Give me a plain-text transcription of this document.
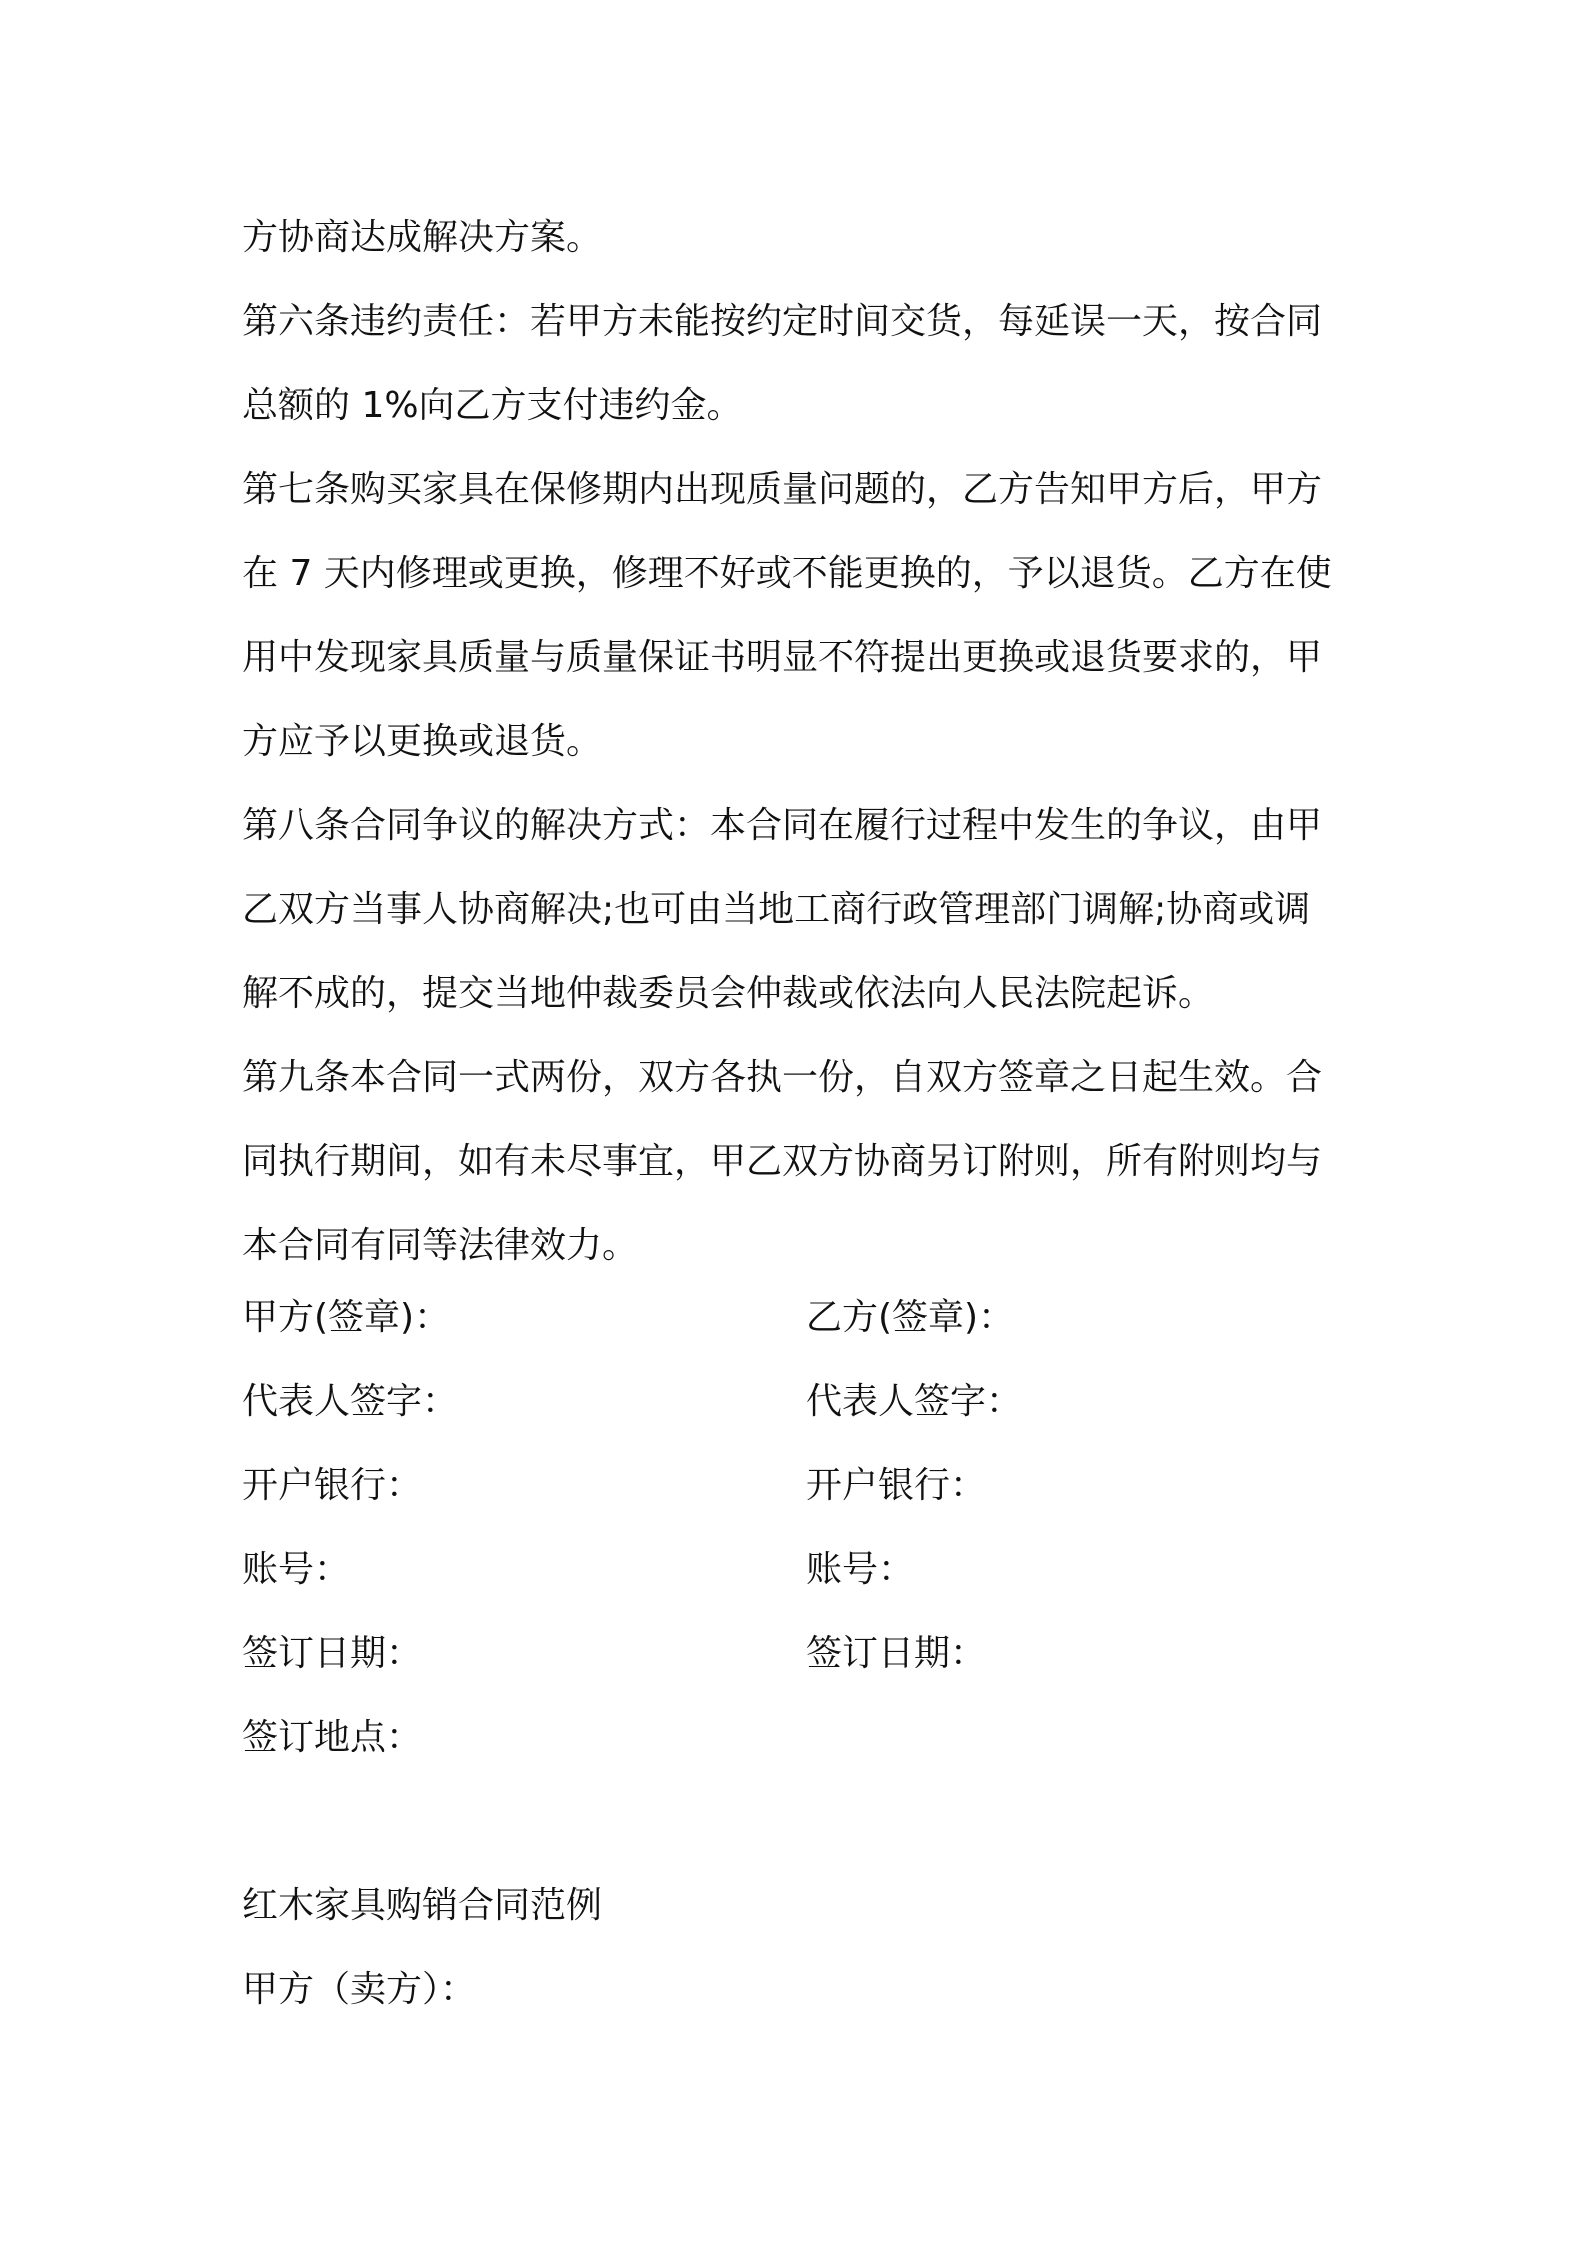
方协商达成解决方案。
第六条违约责任：若甲方未能按约定时间交货，每延误一天，按合同
总额的 1%向乙方支付违约金。
第七条购买家具在保修期内出现质量问题的，乙方告知甲方后，甲方
在 7 天内修理或更换，修理不好或不能更换的，予以退货。乙方在使
用中发现家具质量与质量保证书明显不符提出更换或退货要求的，甲
方应予以更换或退货。
第八条合同争议的解决方式：本合同在履行过程中发生的争议，由甲
乙双方当事人协商解决;也可由当地工商行政管理部门调解;协商或调
解不成的，提交当地仲裁委员会仲裁或依法向人民法院起诉。
第九条本合同一式两份，双方各执一份，自双方签章之日起生效。合
同执行期间，如有未尽事宜，甲乙双方协商另订附则，所有附则均与
本合同有同等法律效力。
甲方(签章)：	乙方(签章)：
代表人签字：	代表人签字：
开户银行：	开户银行：
账号：	账号：
签订日期：	签订日期：
签订地点：
红木家具购销合同范例
甲方（卖方）：
